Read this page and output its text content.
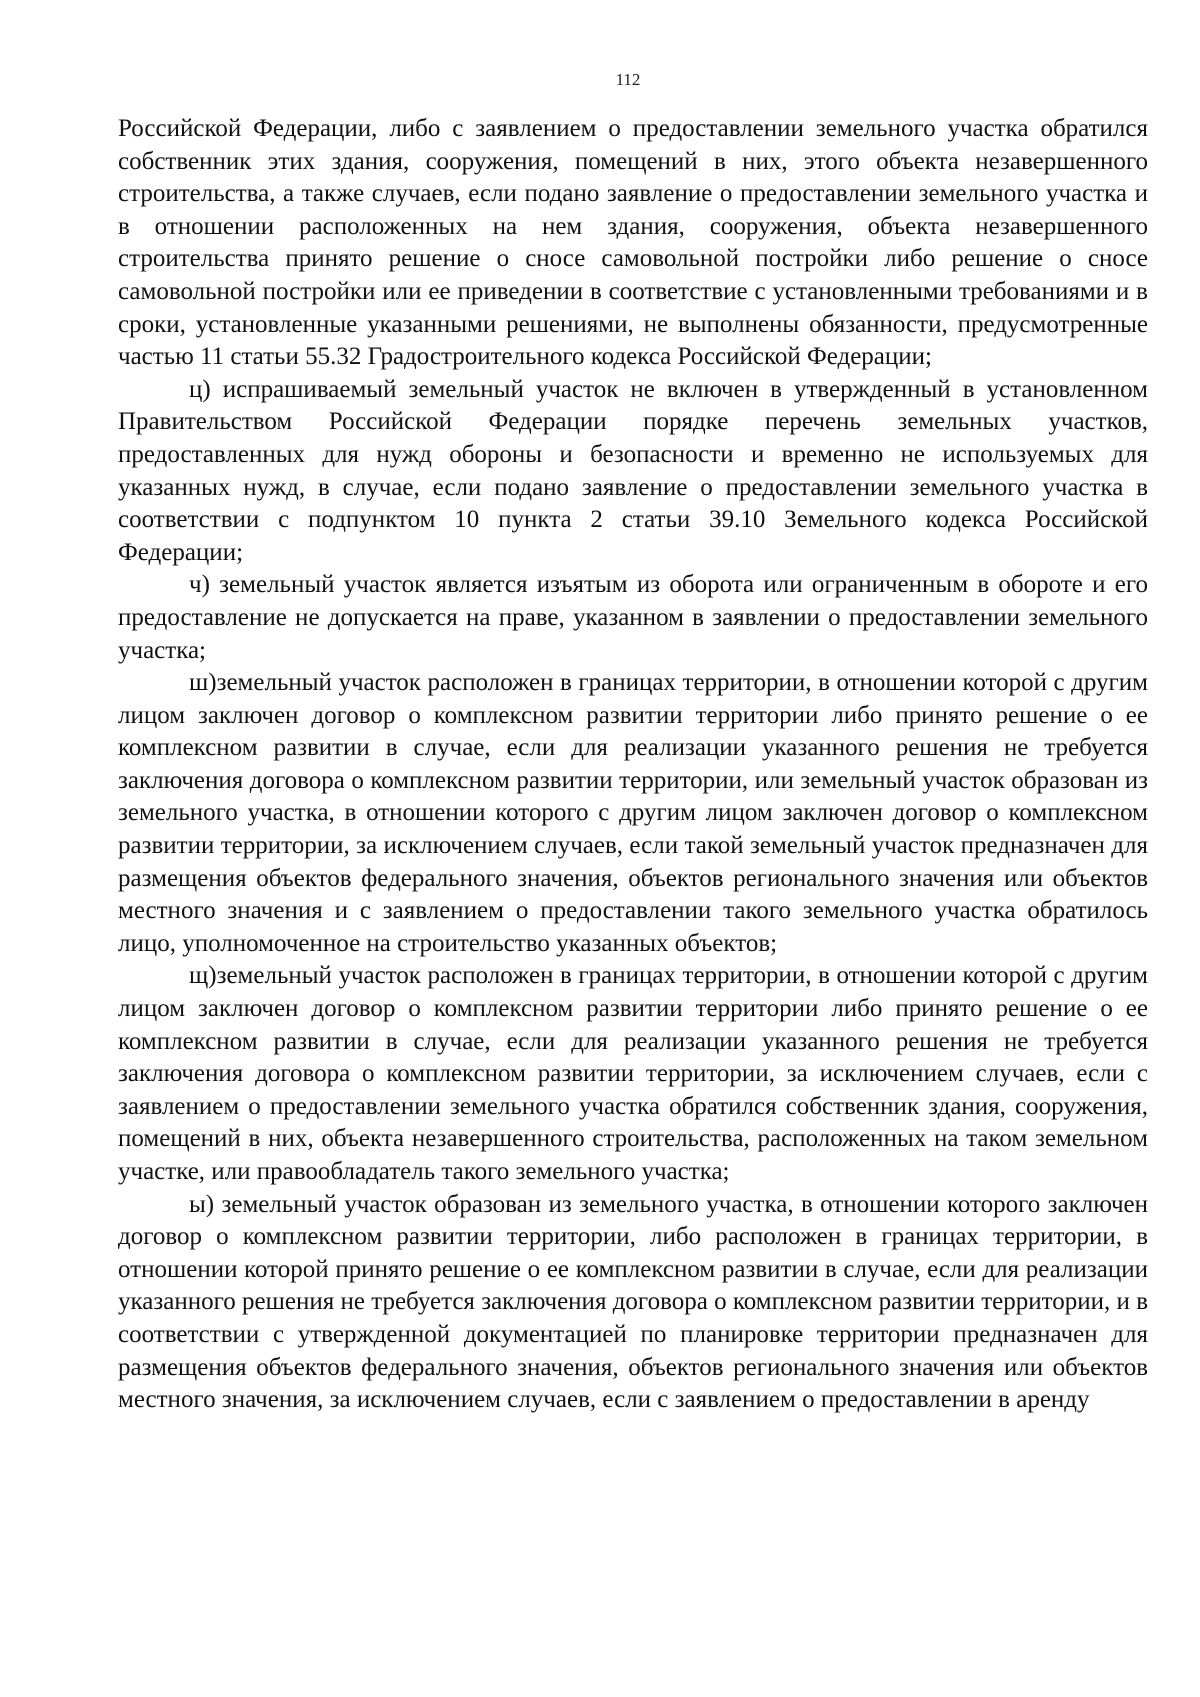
112

Российской Федерации, либо с заявлением о предоставлении земельного участка обратился собственник этих здания, сооружения, помещений в них, этого объекта незавершенного строительства, а также случаев, если подано заявление о предоставлении земельного участка и в отношении расположенных на нем здания, сооружения, объекта незавершенного строительства принято решение о сносе самовольной постройки либо решение о сносе самовольной постройки или ее приведении в соответствие с установленными требованиями и в сроки, установленные указанными решениями, не выполнены обязанности, предусмотренные частью 11 статьи 55.32 Градостроительного кодекса Российской Федерации;

ц) испрашиваемый земельный участок не включен в утвержденный в установленном Правительством Российской Федерации порядке перечень земельных участков, предоставленных для нужд обороны и безопасности и временно не используемых для указанных нужд, в случае, если подано заявление о предоставлении земельного участка в соответствии с подпунктом 10 пункта 2 статьи 39.10 Земельного кодекса Российской Федерации;

ч) земельный участок является изъятым из оборота или ограниченным в обороте и его предоставление не допускается на праве, указанном в заявлении о предоставлении земельного участка;

ш)земельный участок расположен в границах территории, в отношении которой с другим лицом заключен договор о комплексном развитии территории либо принято решение о ее комплексном развитии в случае, если для реализации указанного решения не требуется заключения договора о комплексном развитии территории, или земельный участок образован из земельного участка, в отношении которого с другим лицом заключен договор о комплексном развитии территории, за исключением случаев, если такой земельный участок предназначен для размещения объектов федерального значения, объектов регионального значения или объектов местного значения и с заявлением о предоставлении такого земельного участка обратилось лицо, уполномоченное на строительство указанных объектов;

щ)земельный участок расположен в границах территории, в отношении которой с другим лицом заключен договор о комплексном развитии территории либо принято решение о ее комплексном развитии в случае, если для реализации указанного решения не требуется заключения договора о комплексном развитии территории, за исключением случаев, если с заявлением о предоставлении земельного участка обратился собственник здания, сооружения, помещений в них, объекта незавершенного строительства, расположенных на таком земельном участке, или правообладатель такого земельного участка;

ы) земельный участок образован из земельного участка, в отношении которого заключен договор о комплексном развитии территории, либо расположен в границах территории, в отношении которой принято решение о ее комплексном развитии в случае, если для реализации указанного решения не требуется заключения договора о комплексном развитии территории, и в соответствии с утвержденной документацией по планировке территории предназначен для размещения объектов федерального значения, объектов регионального значения или объектов местного значения, за исключением случаев, если с заявлением о предоставлении в аренду
